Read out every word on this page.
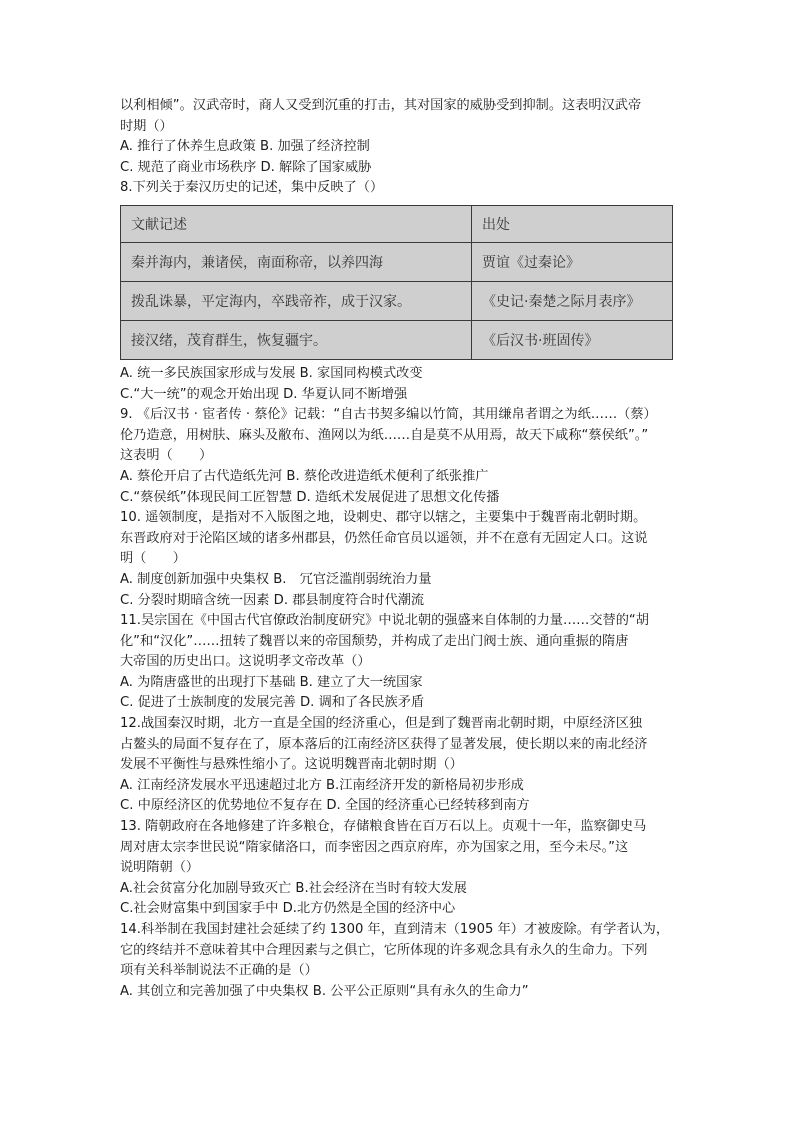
以利相倾”。汉武帝时，商人又受到沉重的打击，其对国家的威胁受到抑制。这表明汉武帝
时期（）
A. 推行了休养生息政策 B. 加强了经济控制
C. 规范了商业市场秩序 D. 解除了国家威胁
8.下列关于秦汉历史的记述，集中反映了（）
文献记述	出处
秦并海内，兼诸侯，南面称帝，以养四海	贾谊《过秦论》
拨乱诛暴，平定海内，卒践帝祚，成于汉家。	《史记·秦楚之际月表序》
接汉绪，茂育群生，恢复疆宇。	《后汉书·班固传》
A. 统一多民族国家形成与发展 B. 家国同构模式改变
C.“大一统”的观念开始出现 D. 华夏认同不断增强
9. 《后汉书 · 宦者传 · 蔡伦》记载：“自古书契多编以竹简，其用缣帛者谓之为纸……（蔡）
伦乃造意，用树肤、麻头及敝布、渔网以为纸……自是莫不从用焉，故天下咸称“蔡侯纸”。”
这表明（　　）
A. 蔡伦开启了古代造纸先河 B. 蔡伦改进造纸术便利了纸张推广
C.“蔡侯纸”体现民间工匠智慧 D. 造纸术发展促进了思想文化传播
10. 遥领制度，是指对不入版图之地，设刺史、郡守以辖之，主要集中于魏晋南北朝时期。
东晋政府对于沦陷区域的诸多州郡县，仍然任命官员以遥领，并不在意有无固定人口。这说
明（　　）
A. 制度创新加强中央集权 B.　冗官泛滥削弱统治力量
C. 分裂时期暗含统一因素 D. 郡县制度符合时代潮流
11.吴宗国在《中国古代官僚政治制度研究》中说北朝的强盛来自体制的力量……交替的“胡
化”和“汉化”……扭转了魏晋以来的帝国颓势，并构成了走出门阀士族、通向重振的隋唐
大帝国的历史出口。这说明孝文帝改革（）
A. 为隋唐盛世的出现打下基础 B. 建立了大一统国家
C. 促进了士族制度的发展完善 D. 调和了各民族矛盾
12.战国秦汉时期，北方一直是全国的经济重心，但是到了魏晋南北朝时期，中原经济区独
占鳌头的局面不复存在了，原本落后的江南经济区获得了显著发展，使长期以来的南北经济
发展不平衡性与悬殊性缩小了。这说明魏晋南北朝时期（）
A. 江南经济发展水平迅速超过北方 B.江南经济开发的新格局初步形成
C. 中原经济区的优势地位不复存在 D. 全国的经济重心已经转移到南方
13. 隋朝政府在各地修建了许多粮仓，存储粮食皆在百万石以上。贞观十一年，监察御史马
周对唐太宗李世民说“隋家储洛口，而李密因之西京府库，亦为国家之用，至今未尽。”这
说明隋朝（）
A.社会贫富分化加剧导致灭亡 B.社会经济在当时有较大发展
C.社会财富集中到国家手中 D.北方仍然是全国的经济中心
14.科举制在我国封建社会延续了约 1300 年，直到清末（1905 年）才被废除。有学者认为，
它的终结并不意味着其中合理因素与之俱亡，它所体现的许多观念具有永久的生命力。下列
项有关科举制说法不正确的是（）
A. 其创立和完善加强了中央集权 B. 公平公正原则“具有永久的生命力”
